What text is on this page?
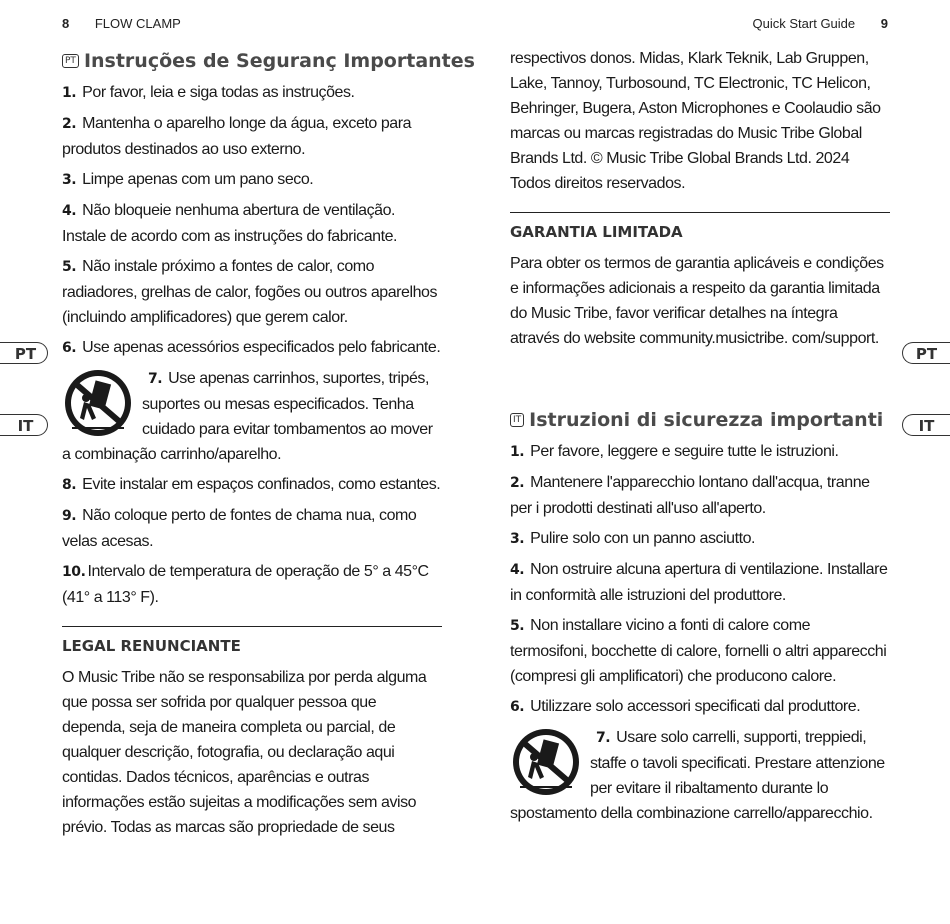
8 FLOW CLAMP	Quick Start Guide 9
PT
IT
PT
IT
PT Instruções de Seguranç Importantes

1. Por favor, leia e siga todas as instruções.

2. Mantenha o aparelho longe da água, exceto para produtos destinados ao uso externo.

3. Limpe apenas com um pano seco.

4. Não bloqueie nenhuma abertura de ventilação. Instale de acordo com as instruções do fabricante.

5. Não instale próximo a fontes de calor, como radiadores, grelhas de calor, fogões ou outros aparelhos (incluindo amplificadores) que gerem calor.

6. Use apenas acessórios especificados pelo fabricante.

7. Use apenas carrinhos, suportes, tripés, suportes ou mesas especificados. Tenha cuidado para evitar tombamentos ao mover a combinação carrinho/aparelho.

8. Evite instalar em espaços confinados, como estantes.

9. Não coloque perto de fontes de chama nua, como velas acesas.

10. Intervalo de temperatura de operação de 5° a 45°C (41° a 113° F).

LEGAL RENUNCIANTE

O Music Tribe não se responsabiliza por perda alguma que possa ser sofrida por qualquer pessoa que dependa, seja de maneira completa ou parcial, de qualquer descrição, fotografia, ou declaração aqui contidas. Dados técnicos, aparências e outras informações estão sujeitas a modificações sem aviso prévio. Todas as marcas são propriedade de seus

respectivos donos. Midas, Klark Teknik, Lab Gruppen, Lake, Tannoy, Turbosound, TC Electronic, TC Helicon, Behringer, Bugera, Aston Microphones e Coolaudio são marcas ou marcas registradas do Music Tribe Global Brands Ltd. © Music Tribe Global Brands Ltd. 2024 Todos direitos reservados.

GARANTIA LIMITADA

Para obter os termos de garantia aplicáveis e condições e informações adicionais a respeito da garantia limitada do Music Tribe, favor verificar detalhes na íntegra através do website community.musictribe. com/support.

IT Istruzioni di sicurezza importanti

1. Per favore, leggere e seguire tutte le istruzioni.

2. Mantenere l'apparecchio lontano dall'acqua, tranne per i prodotti destinati all'uso all'aperto.

3. Pulire solo con un panno asciutto.

4. Non ostruire alcuna apertura di ventilazione. Installare in conformità alle istruzioni del produttore.

5. Non installare vicino a fonti di calore come termosifoni, bocchette di calore, fornelli o altri apparecchi (compresi gli amplificatori) che producono calore.

6. Utilizzare solo accessori specificati dal produttore.

7. Usare solo carrelli, supporti, treppiedi, staffe o tavoli specificati. Prestare attenzione per evitare il ribaltamento durante lo spostamento della combinazione carrello/apparecchio.
